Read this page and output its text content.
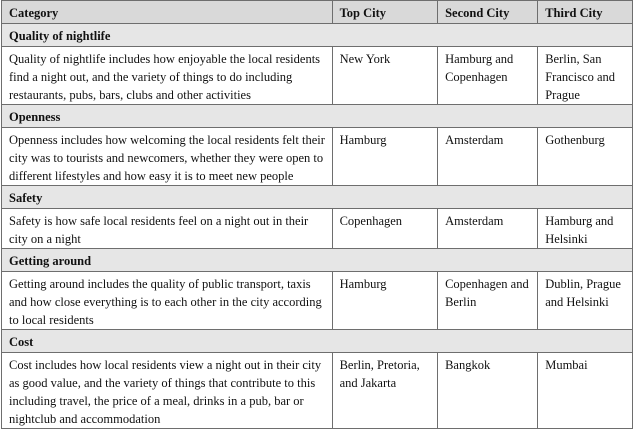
Category	Top City	Second City	Third City
Quality of nightlife			
Quality of nightlife includes how enjoyable the local residents find a night out, and the variety of things to do including restaurants, pubs, bars, clubs and other activities	New York	Hamburg and Copenhagen	Berlin, San Francisco and Prague
Openness			
Openness includes how welcoming the local residents felt their city was to tourists and newcomers, whether they were open to different lifestyles and how easy it is to meet new people	Hamburg	Amsterdam	Gothenburg
Safety			
Safety is how safe local residents feel on a night out in their city on a night	Copenhagen	Amsterdam	Hamburg and Helsinki
Getting around			
Getting around includes the quality of public transport, taxis and how close everything is to each other in the city according to local residents	Hamburg	Copenhagen and Berlin	Dublin, Prague and Helsinki
Cost			
Cost includes how local residents view a night out in their city as good value, and the variety of things that contribute to this including travel, the price of a meal, drinks in a pub, bar or nightclub and accommodation	Berlin, Pretoria, and Jakarta	Bangkok	Mumbai
